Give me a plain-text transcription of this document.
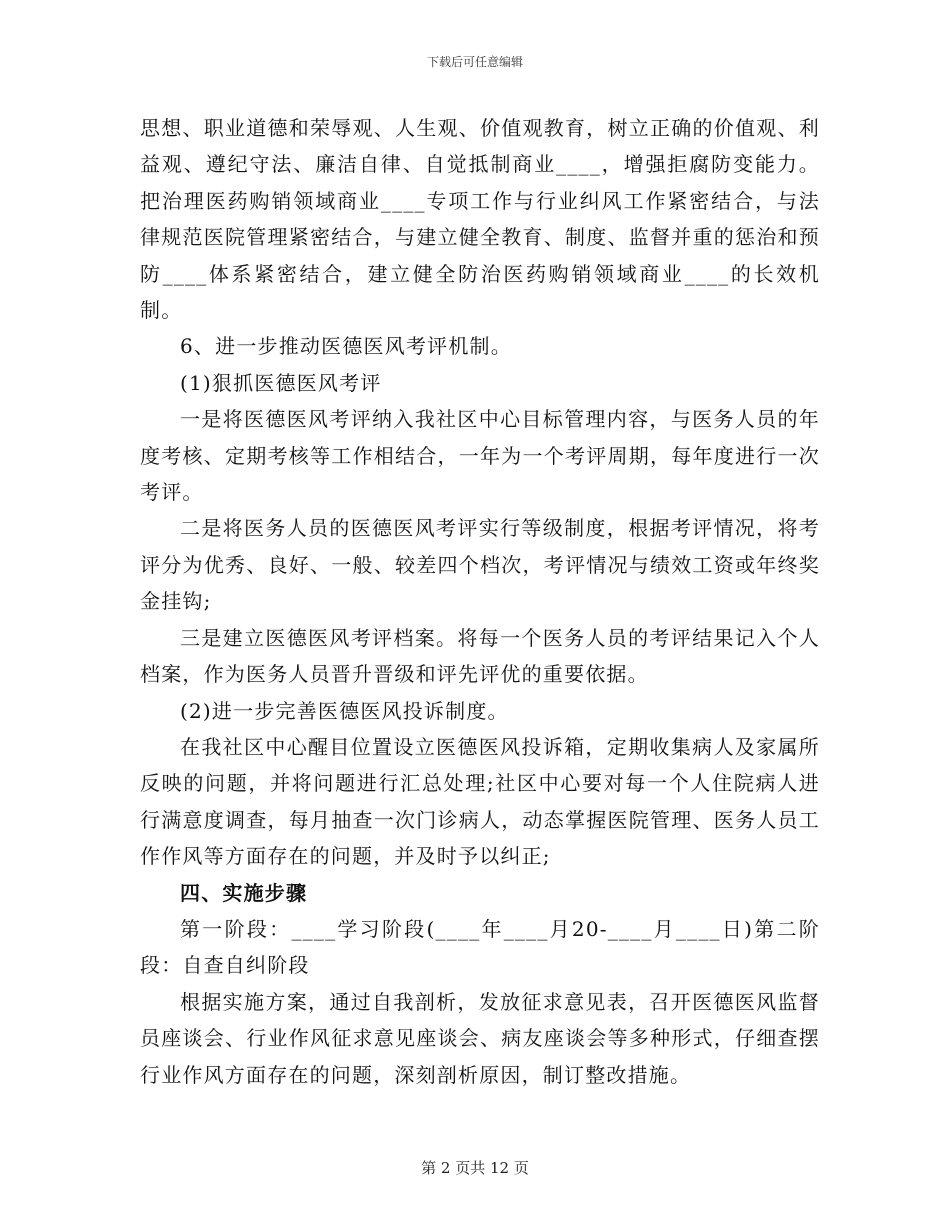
下载后可任意编辑

思想、职业道德和荣辱观、人生观、价值观教育，树立正确的价值观、利益观、遵纪守法、廉洁自律、自觉抵制商业____，增强拒腐防变能力。把治理医药购销领域商业____专项工作与行业纠风工作紧密结合，与法律规范医院管理紧密结合，与建立健全教育、制度、监督并重的惩治和预防____体系紧密结合，建立健全防治医药购销领域商业____的长效机制。

6、进一步推动医德医风考评机制。

(1)狠抓医德医风考评

一是将医德医风考评纳入我社区中心目标管理内容，与医务人员的年度考核、定期考核等工作相结合，一年为一个考评周期，每年度进行一次考评。

二是将医务人员的医德医风考评实行等级制度，根据考评情况，将考评分为优秀、良好、一般、较差四个档次，考评情况与绩效工资或年终奖金挂钩;

三是建立医德医风考评档案。将每一个医务人员的考评结果记入个人档案，作为医务人员晋升晋级和评先评优的重要依据。

(2)进一步完善医德医风投诉制度。

在我社区中心醒目位置设立医德医风投诉箱，定期收集病人及家属所反映的问题，并将问题进行汇总处理;社区中心要对每一个人住院病人进行满意度调查，每月抽查一次门诊病人，动态掌握医院管理、医务人员工作作风等方面存在的问题，并及时予以纠正;

四、实施步骤

第一阶段：____学习阶段(____年____月20-____月____日)第二阶段：自查自纠阶段

根据实施方案，通过自我剖析，发放征求意见表，召开医德医风监督员座谈会、行业作风征求意见座谈会、病友座谈会等多种形式，仔细查摆行业作风方面存在的问题，深刻剖析原因，制订整改措施。

第 2 页共 12 页
